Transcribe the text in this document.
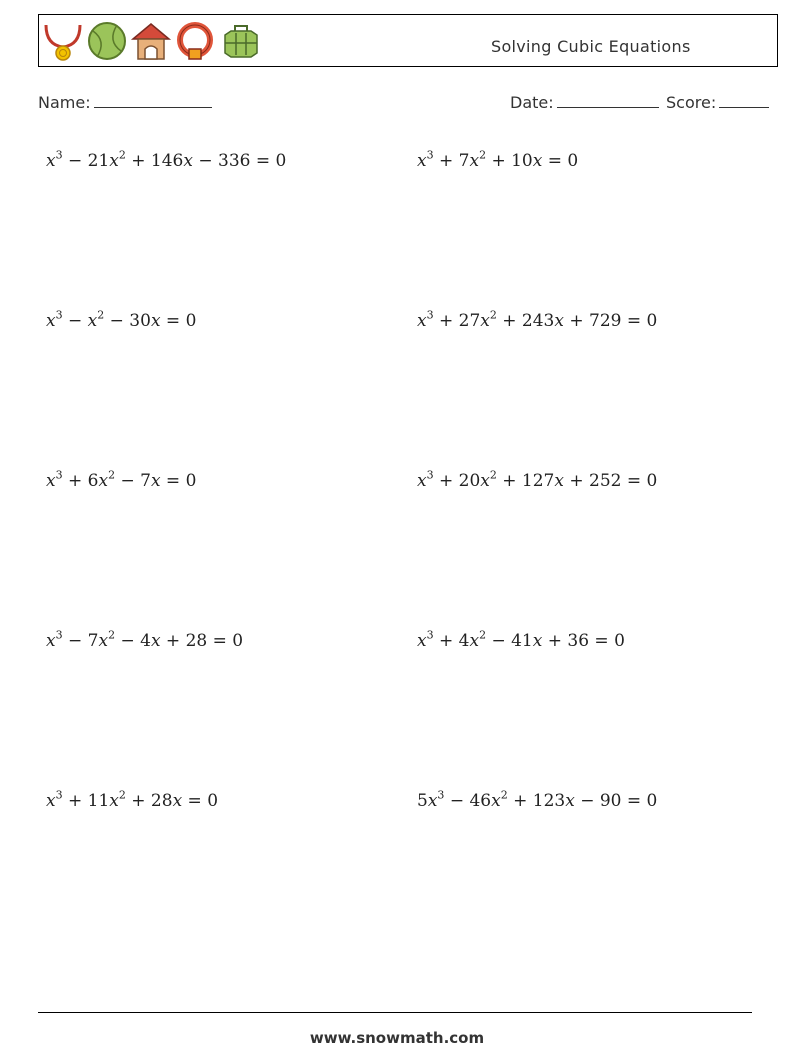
Solving Cubic Equations
Name:	Date:	Score:
$x^3 - 21x^2 + 146x - 336 = 0$	$x^3 + 7x^2 + 10x = 0$
$x^3 - x^2 - 30x = 0$	$x^3 + 27x^2 + 243x + 729 = 0$
$x^3 + 6x^2 - 7x = 0$	$x^3 + 20x^2 + 127x + 252 = 0$
$x^3 - 7x^2 - 4x + 28 = 0$	$x^3 + 4x^2 - 41x + 36 = 0$
$x^3 + 11x^2 + 28x = 0$	$5x^3 - 46x^2 + 123x - 90 = 0$
www.snowmath.com
